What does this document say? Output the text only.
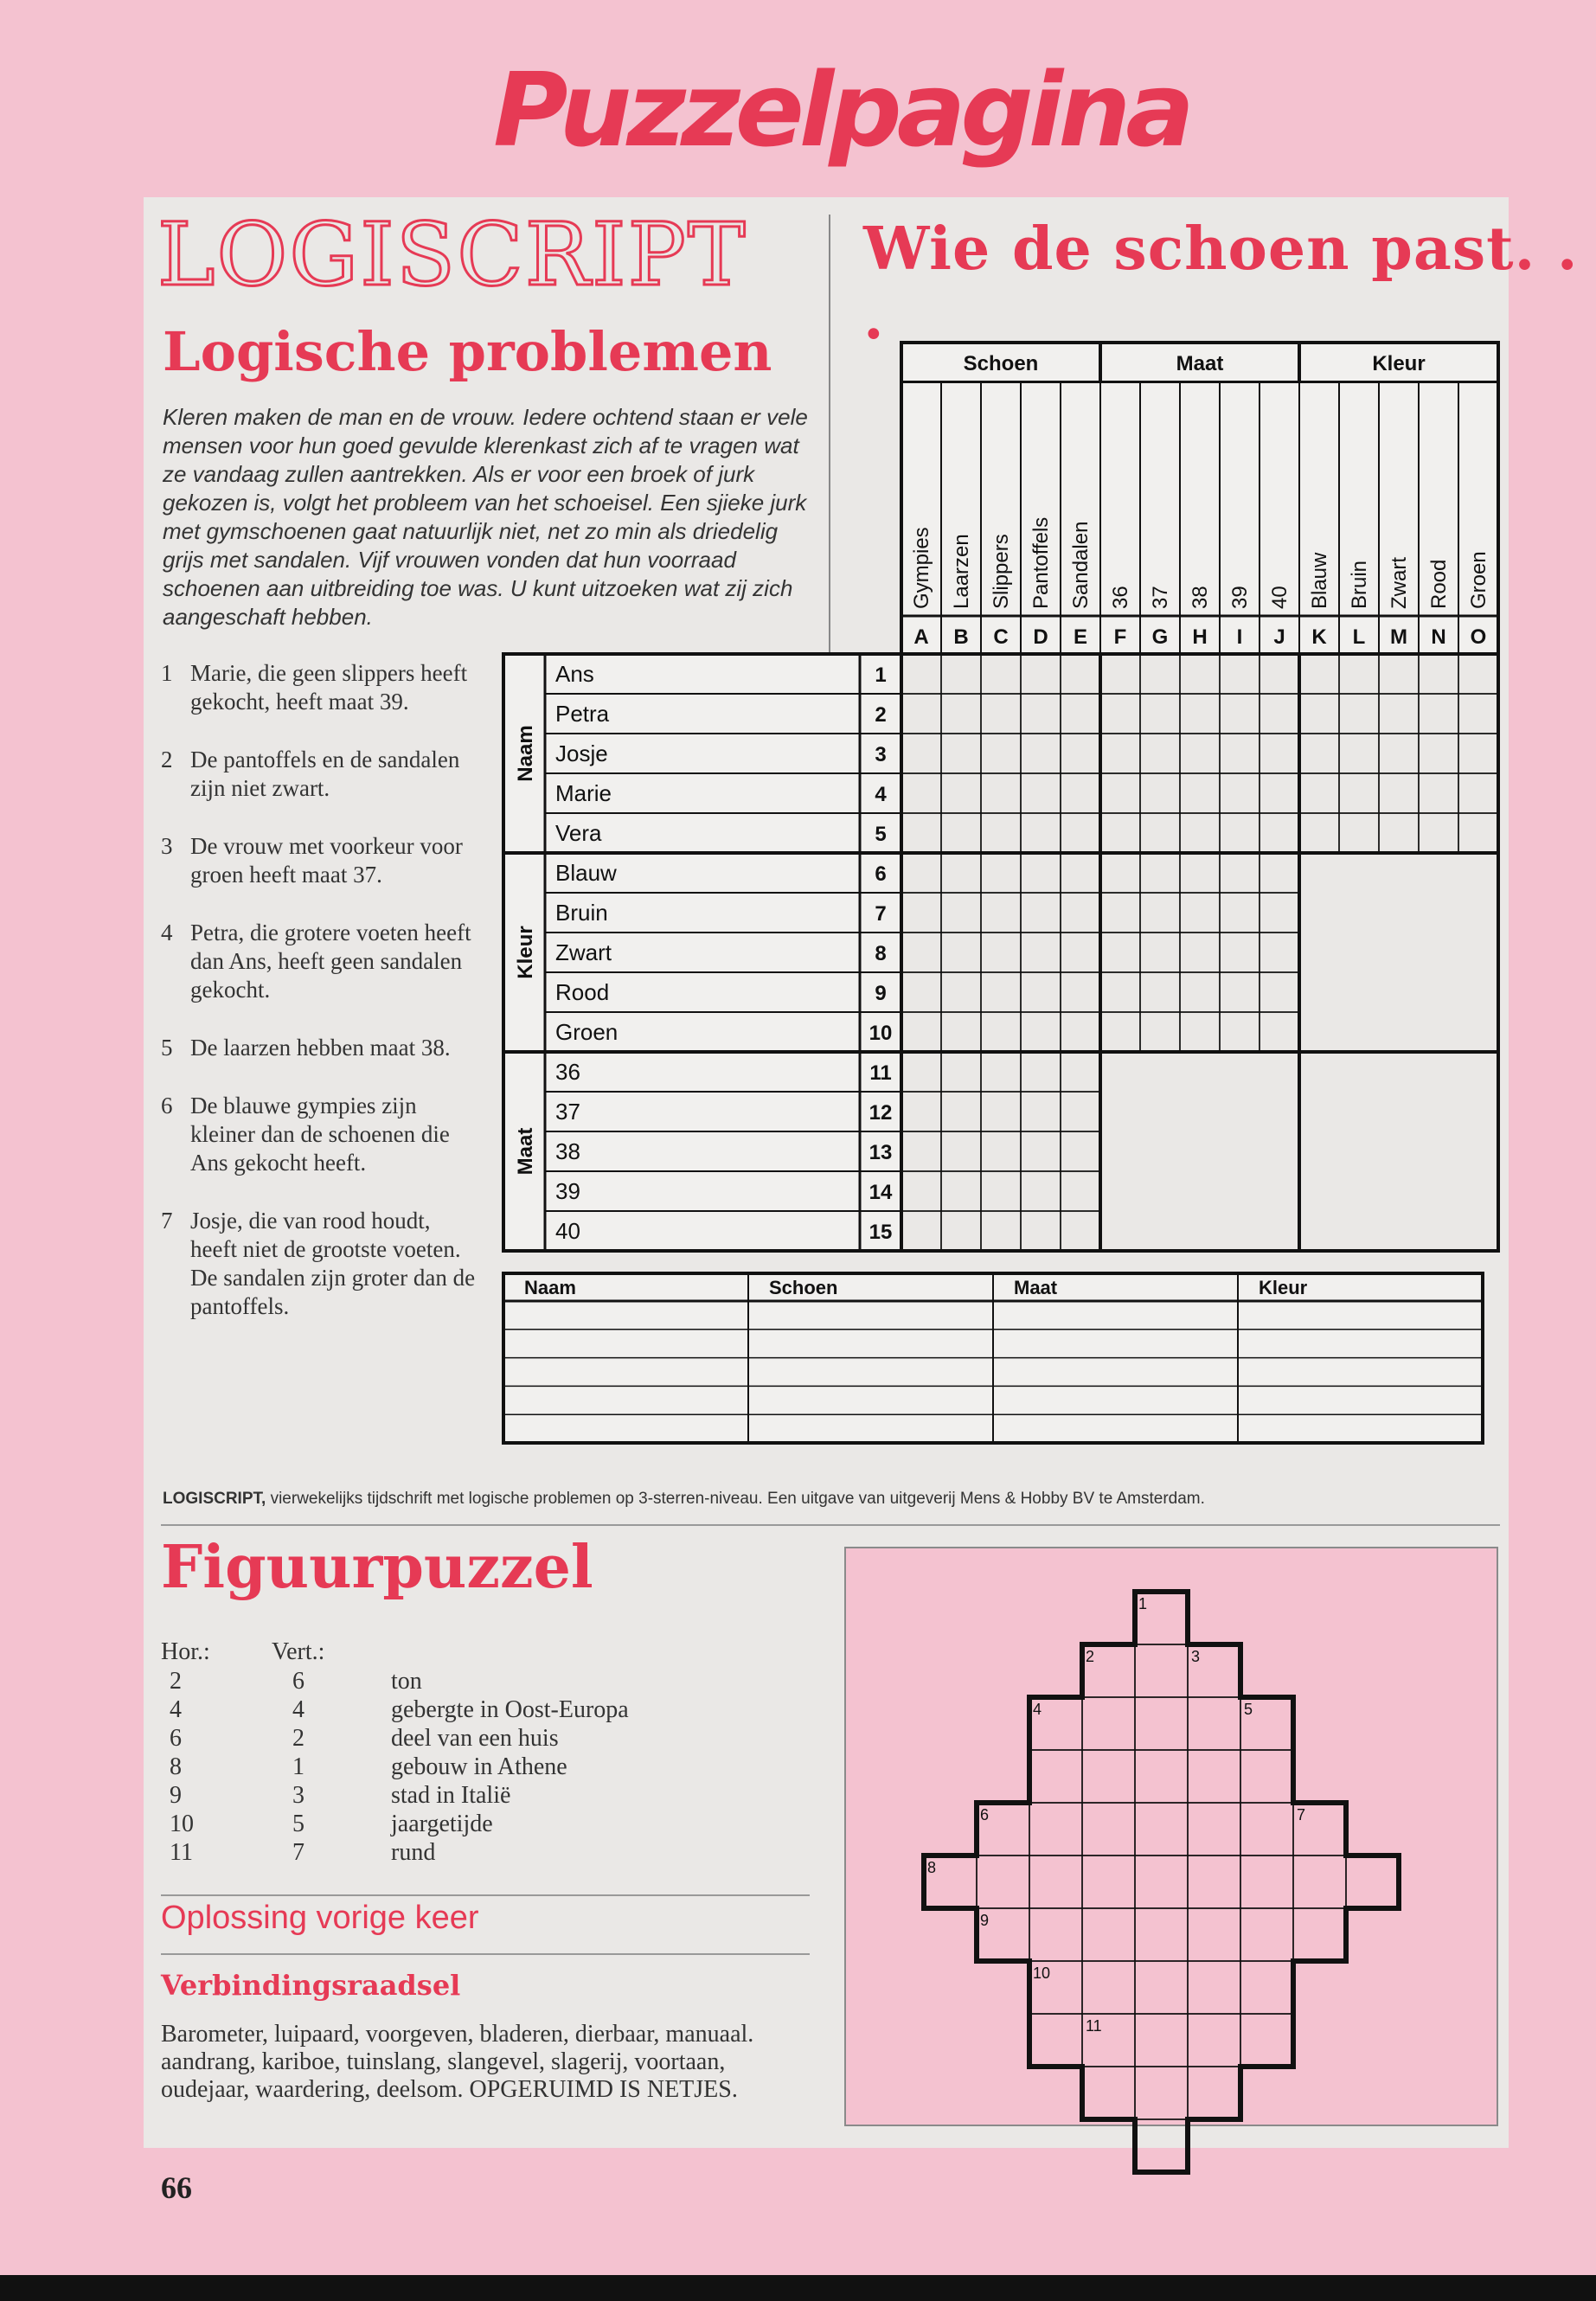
Puzzelpagina
LOGISCRIPT
Logische problemen
Wie de schoen past. . .
Kleren maken de man en de vrouw. Iedere ochtend staan er vele mensen voor hun goed gevulde klerenkast zich af te vragen wat ze vandaag zullen aantrekken. Als er voor een broek of jurk gekozen is, volgt het probleem van het schoeisel. Een sjieke jurk met gymschoenen gaat natuurlijk niet, net zo min als driedelig grijs met sandalen. Vijf vrouwen vonden dat hun voorraad schoenen aan uitbreiding toe was. U kunt uitzoeken wat zij zich aangeschaft hebben.
1 Marie, die geen slippers heeft gekocht, heeft maat 39.
2 De pantoffels en de sandalen zijn niet zwart.
3 De vrouw met voorkeur voor groen heeft maat 37.
4 Petra, die grotere voeten heeft dan Ans, heeft geen sandalen gekocht.
5 De laarzen hebben maat 38.
6 De blauwe gympies zijn kleiner dan de schoenen die Ans gekocht heeft.
7 Josje, die van rood houdt, heeft niet de grootste voeten. De sandalen zijn groter dan de pantoffels.
Schoen	Maat	Kleur
Gympies Laarzen Slippers Pantoffels Sandalen 36 37 38 39 40 Blauw Bruin Zwart Rood Groen
A B C D E F G H I J K L M N O
Ans	1
Petra	2
Josje	3
Marie	4
Vera	5
Blauw	6
Bruin	7
Zwart	8
Rood	9
Groen	10
36	11
37	12
38	13
39	14
40	15
Naam
Kleur
Maat
Naam	Schoen	Maat	Kleur
LOGISCRIPT, vierwekelijks tijdschrift met logische problemen op 3-sterren-niveau. Een uitgave van uitgeverij Mens & Hobby BV te Amsterdam.
Figuurpuzzel
Hor.:	Vert.:
2	6	ton
4	4	gebergte in Oost-Europa
6	2	deel van een huis
8	1	gebouw in Athene
9	3	stad in Italië
10	5	jaargetijde
11	7	rund
Oplossing vorige keer
Verbindingsraadsel
Barometer, luipaard, voorgeven, bladeren, dierbaar, manuaal. aandrang, kariboe, tuinslang, slangevel, slagerij, voortaan, oudejaar, waardering, deelsom. OPGERUIMD IS NETJES.
1
2	3
4	5
6	7
8
9
10
11
66
